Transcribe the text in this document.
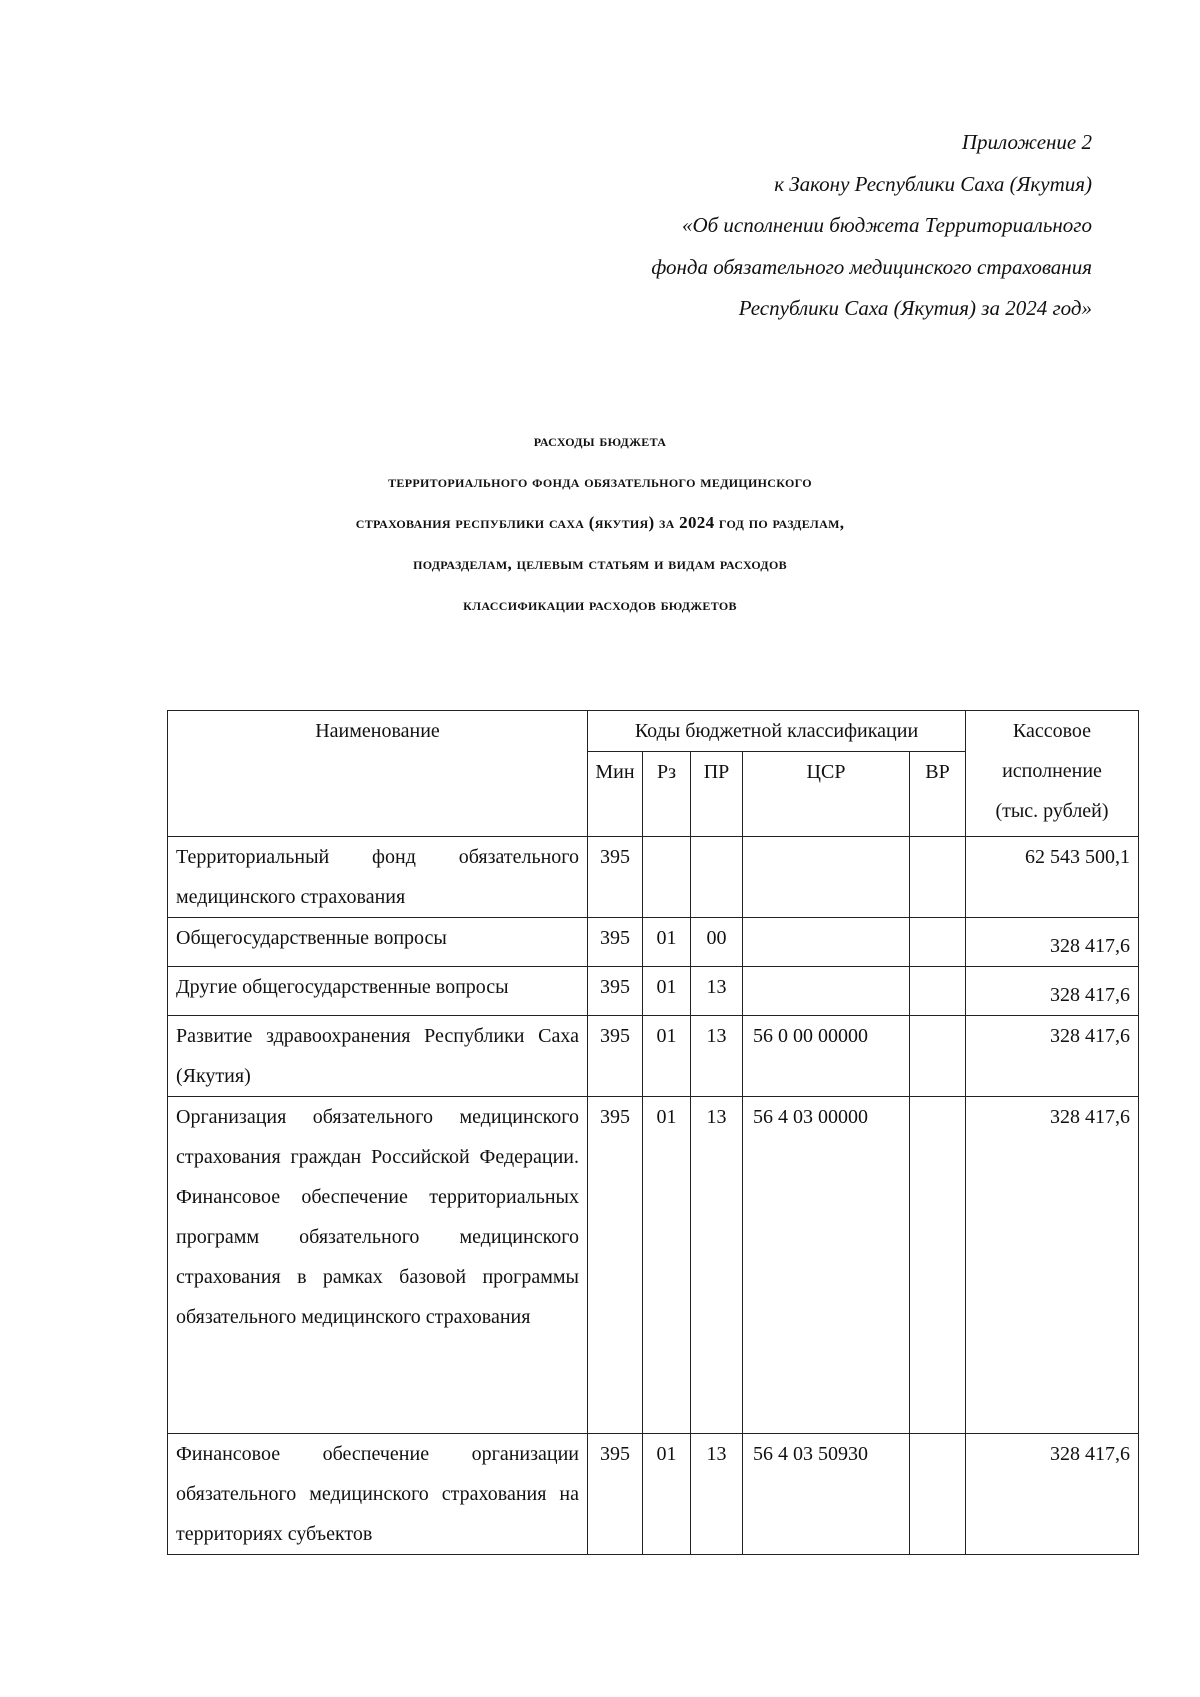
Приложение 2
к Закону Республики Саха (Якутия)
«Об исполнении бюджета Территориального
фонда обязательного медицинского страхования
Республики Саха (Якутия) за 2024 год»
расходы бюджета
территориального фонда обязательного медицинского
страхования республики саха (якутия) за 2024 год по разделам,
подразделам, целевым статьям и видам расходов
классификации расходов бюджетов
Наименование	Коды бюджетной классификации					Кассовое
исполнение
(тыс. рублей)

	Мин	Рз	ПР	ЦСР	ВР	
Территориальный фонд обязательного медицинского страхования	395					62 543 500,1
Общегосударственные вопросы	395	01	00			328 417,6
Другие общегосударственные вопросы	395	01	13			328 417,6
Развитие здравоохранения Республики Саха (Якутия)	395	01	13	56 0 00 00000		328 417,6
Организация обязательного медицинского страхования граждан Российской Федерации. Финансовое обеспечение территориальных программ обязательного медицинского страхования в рамках базовой программы обязательного медицинского страхования	395	01	13	56 4 03 00000		328 417,6
Финансовое обеспечение организации обязательного медицинского страхования на территориях субъектов	395	01	13	56 4 03 50930		328 417,6
